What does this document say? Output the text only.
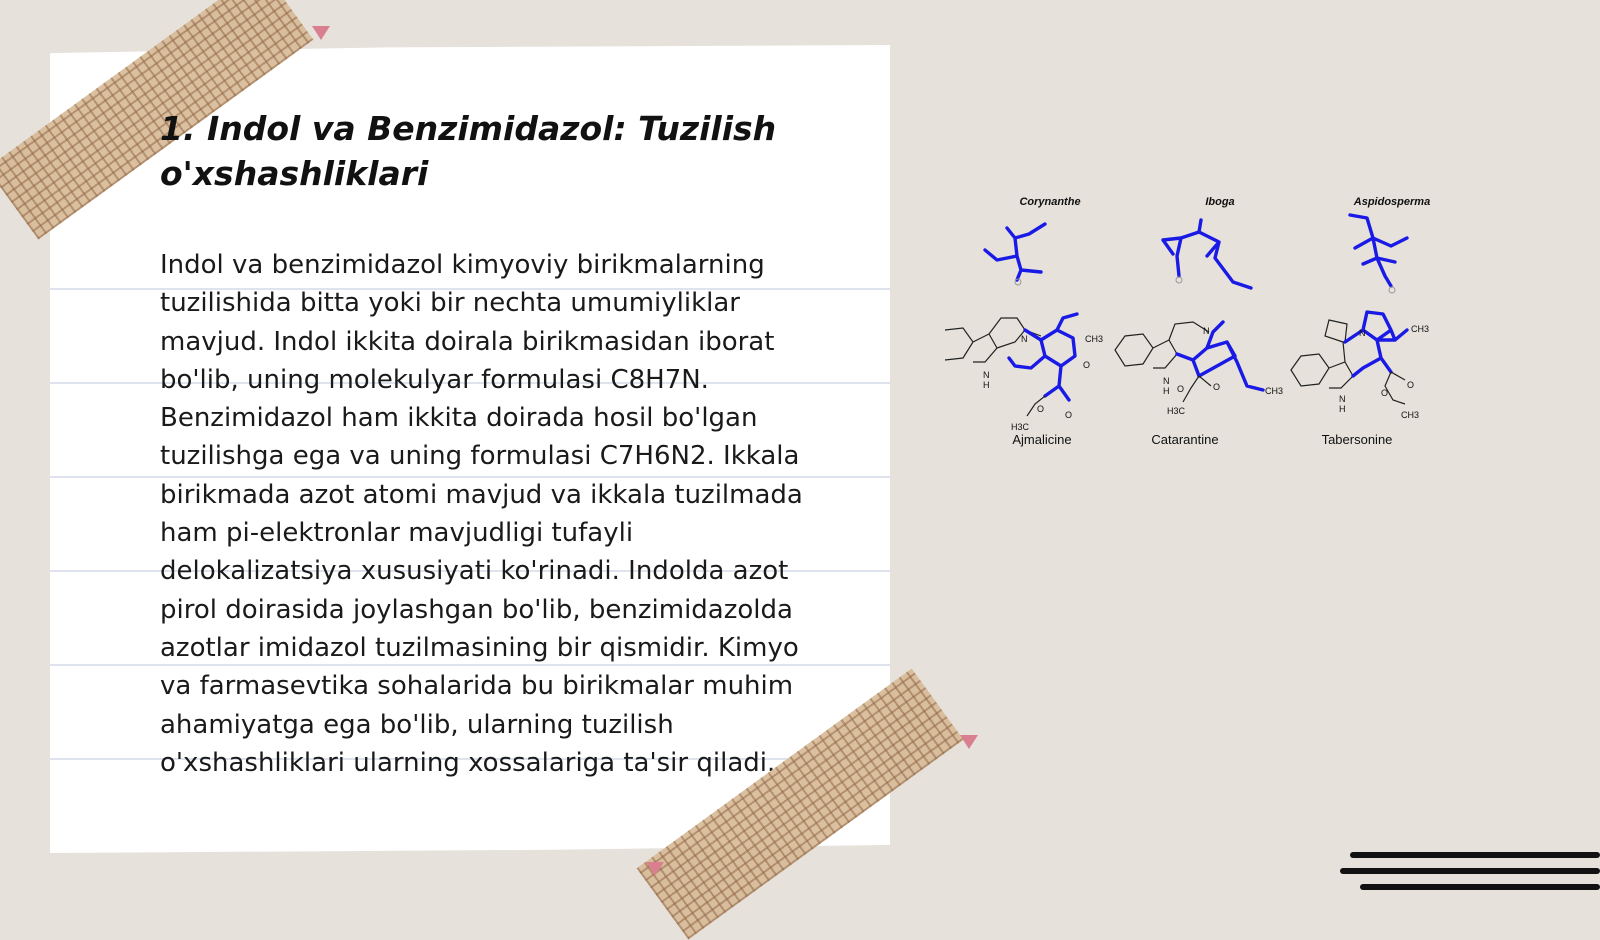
1. Indol va Benzimidazol: Tuzilish o'xshashliklari

Indol va benzimidazol kimyoviy birikmalarning tuzilishida bitta yoki bir nechta umumiyliklar mavjud. Indol ikkita doirala birikmasidan iborat bo'lib, uning molekulyar formulasi C8H7N. Benzimidazol ham ikkita doirada hosil bo'lgan tuzilishga ega va uning formulasi C7H6N2. Ikkala birikmada azot atomi mavjud va ikkala tuzilmada ham pi-elektronlar mavjudligi tufayli delokalizatsiya xususiyati ko'rinadi. Indolda azot pirol doirasida joylashgan bo'lib, benzimidazolda azotlar imidazol tuzilmasining bir qismidir. Kimyo va farmasevtika sohalarida bu birikmalar muhim ahamiyatga ega bo'lib, ularning tuzilish o'xshashliklari ularning xossalariga ta'sir qiladi.

Corynanthe	Iboga	Aspidosperma
N
H
N	CH3
O
O
O
H3C
Ajmalicine
N
H
N
CH3
O
O
H3C
Catarantine
N
H
N	CH3
O
O
CH3
Tabersonine
